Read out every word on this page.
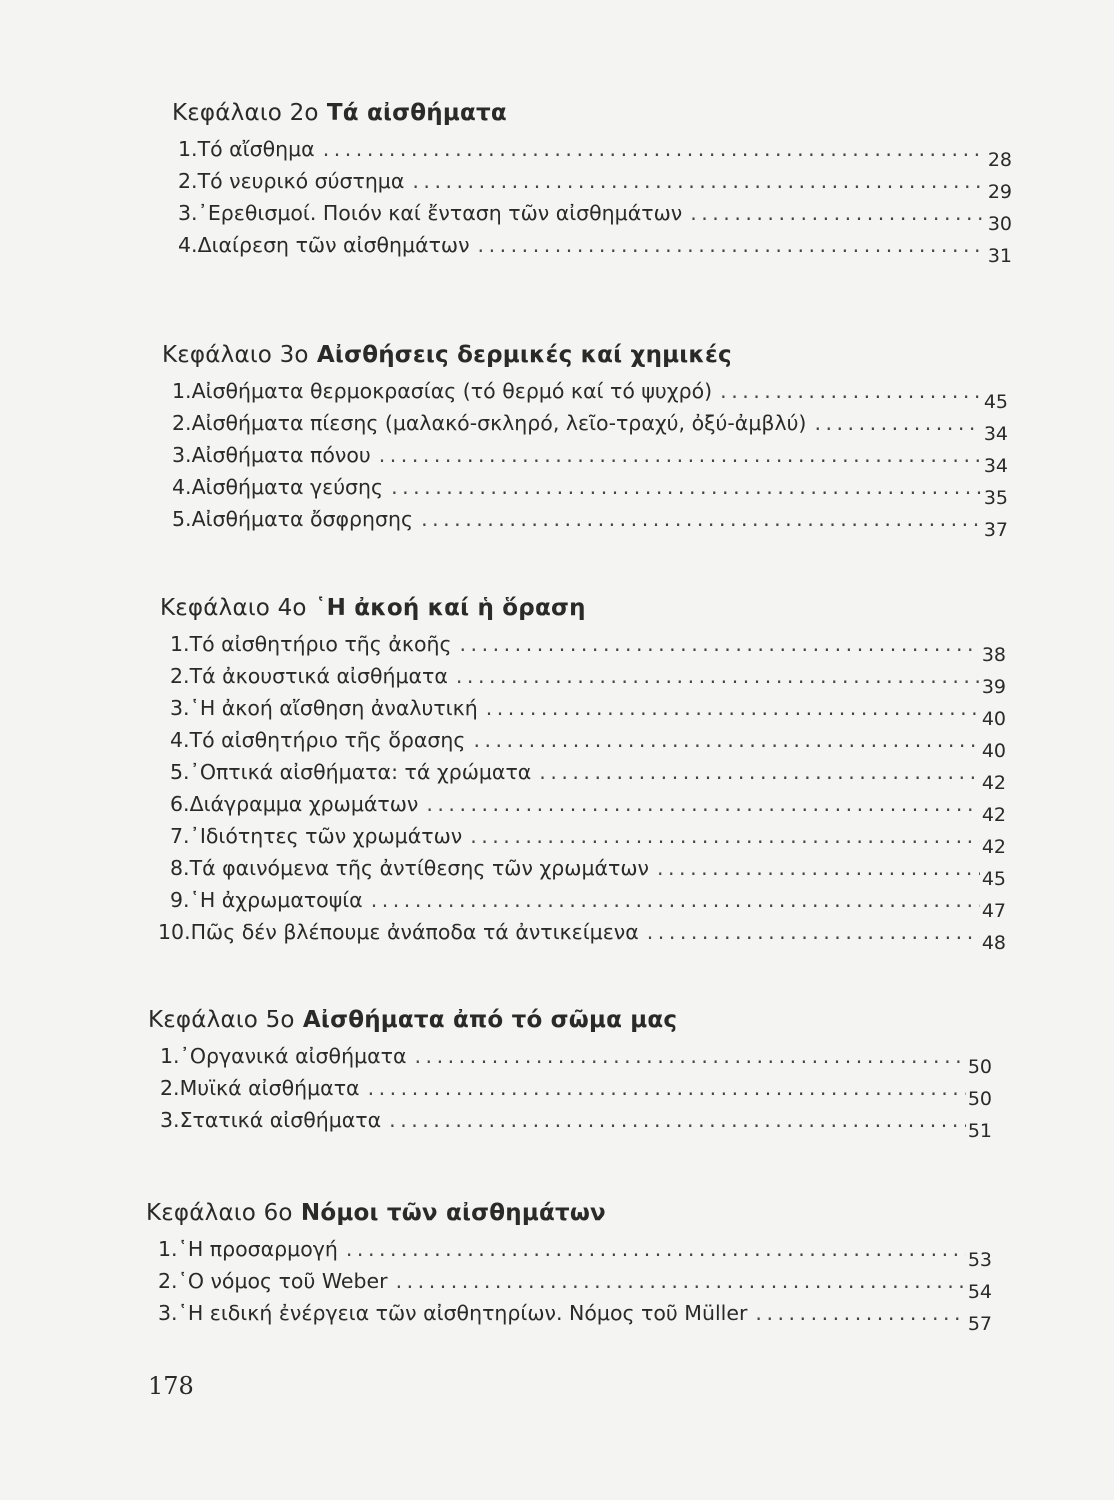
Κεφάλαιο 2ο Τά αἰσθήματα
1. Τό αἴσθημα . . .	28
2. Τό νευρικό σύστημα . . .	29
3. ᾽Ερεθισμοί. Ποιόν καί ἔνταση τῶν αἰσθημάτων . . .	30
4. Διαίρεση τῶν αἰσθημάτων . . .	31
Κεφάλαιο 3ο Αἰσθήσεις δερμικές καί χημικές
1. Αἰσθήματα θερμοκρασίας (τό θερμό καί τό ψυχρό) . . .	45
2. Αἰσθήματα πίεσης (μαλακό-σκληρό, λεῖο-τραχύ, ὀξύ-ἀμβλύ) . . .	34
3. Αἰσθήματα πόνου . . .	34
4. Αἰσθήματα γεύσης . . .	35
5. Αἰσθήματα ὄσφρησης . . .	37
Κεφάλαιο 4ο ῾Η ἀκοή καί ἡ ὅραση
1. Τό αἰσθητήριο τῆς ἀκοῆς . . .	38
2. Τά ἀκουστικά αἰσθήματα . . .	39
3. ῾Η ἀκοή αἴσθηση ἀναλυτική . . .	40
4. Τό αἰσθητήριο τῆς ὅρασης . . .	40
5. ᾽Οπτικά αἰσθήματα: τά χρώματα . . .	42
6. Διάγραμμα χρωμάτων . . .	42
7. ᾽Ιδιότητες τῶν χρωμάτων . . .	42
8. Τά φαινόμενα τῆς ἀντίθεσης τῶν χρωμάτων . . .	45
9. ῾Η ἀχρωματοψία . . .	47
10. Πῶς δέν βλέπουμε ἀνάποδα τά ἀντικείμενα . . .	48
Κεφάλαιο 5ο Αἰσθήματα ἀπό τό σῶμα μας
1. ᾽Οργανικά αἰσθήματα . . .	50
2. Μυϊκά αἰσθήματα . . .	50
3. Στατικά αἰσθήματα . . .	51
Κεφάλαιο 6ο Νόμοι τῶν αἰσθημάτων
1. ῾Η προσαρμογή . . .	53
2. ῾Ο νόμος τοῦ Weber . . .	54
3. ῾Η ειδική ἐνέργεια τῶν αἰσθητηρίων. Νόμος τοῦ Müller . . .	57
178
